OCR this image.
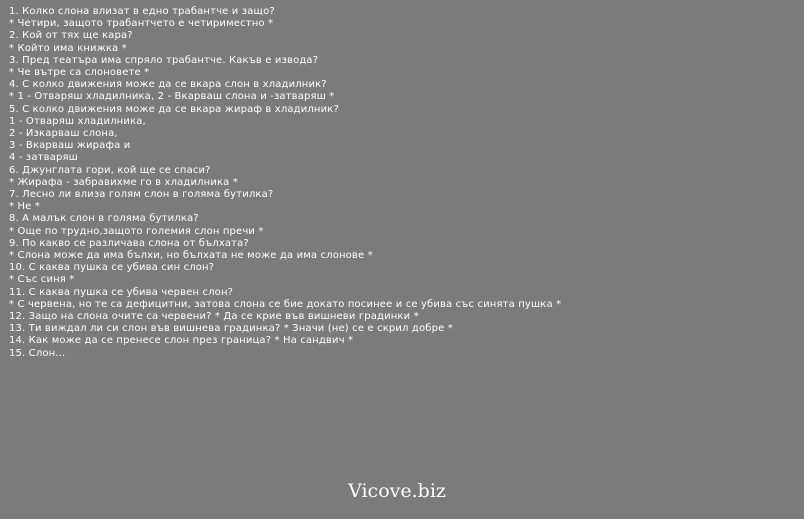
1. Колко слона влизат в едно трабантче и защо?
* Четири, защото трабантчето е четириместно *
2. Кой от тях ще кара?
* Който има книжка *
3. Пред театъра има спряло трабантче. Какъв е извода?
* Че вътре са слоновете *
4. С колко движения може да се вкара слон в хладилник?
* 1 - Отваряш хладилника, 2 - Вкарваш слона и -затваряш *
5. С колко движения може да се вкара жираф в хладилник?
1 - Отваряш хладилника,
2 - Изкарваш слона,
3 - Вкарваш жирафа и
4 - затваряш
6. Джунглата гори, кой ще се спаси?
* Жирафа - забравихме го в хладилника *
7. Лесно ли влиза голям слон в голяма бутилка?
* Не *
8. А малък слон в голяма бутилка?
* Още по трудно,защото големия слон пречи *
9. По какво се различава слона от бълхата?
* Слона може да има бълхи, но бълхата не може да има слонове *
10. С каква пушка се убива син слон?
* Със синя *
11. С каква пушка се убива червен слон?
* С червена, но те са дефицитни, затова слона се бие докато посинее и се убива със синята пушка *
12. Защо на слона очите са червени? * Да се крие във вишневи градинки *
13. Ти виждал ли си слон във вишнева градинка? * Значи (не) се е скрил добре *
14. Как може да се пренесе слон през граница? * На сандвич *
15. Слон...
Vicove.biz
